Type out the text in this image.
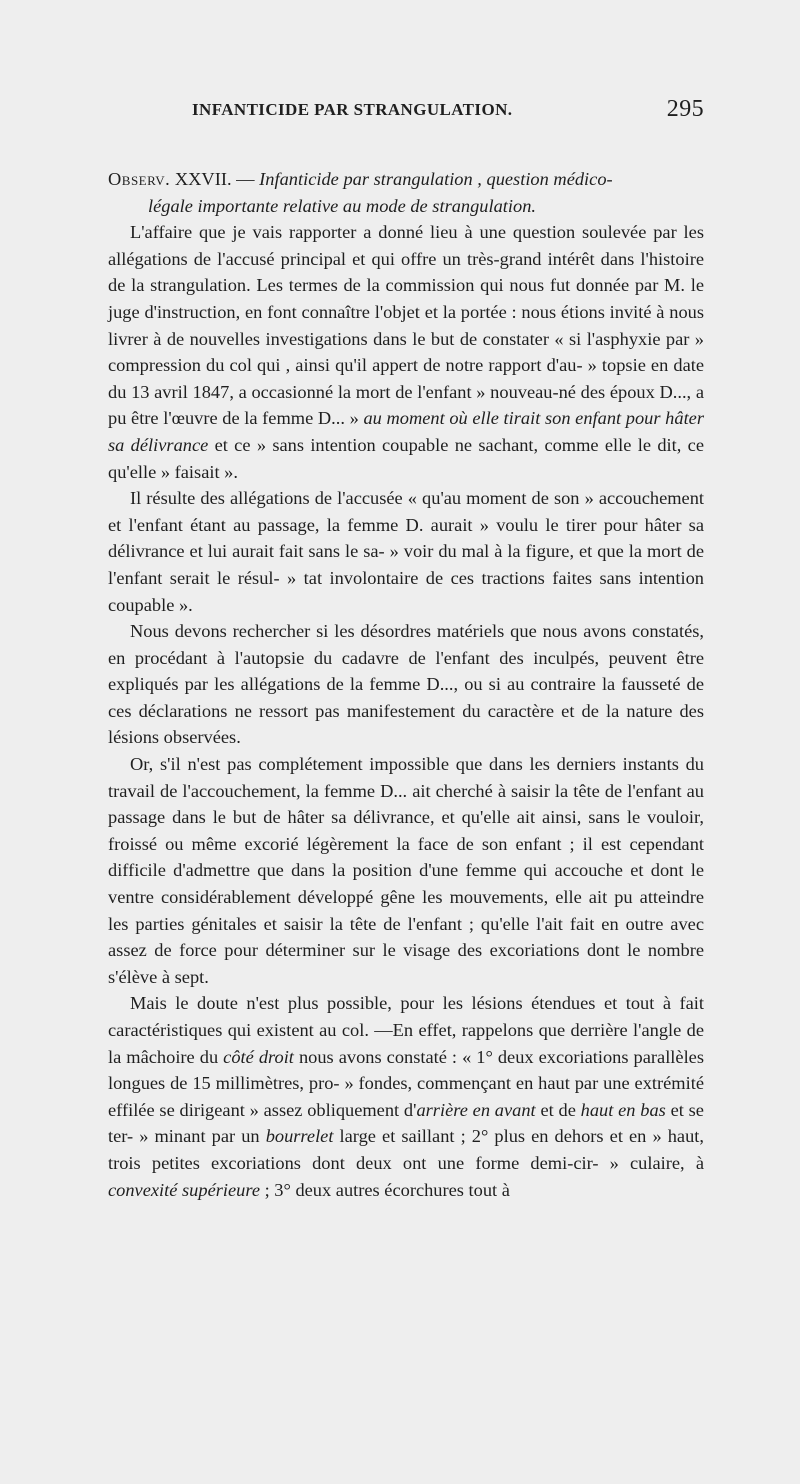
INFANTICIDE PAR STRANGULATION.	295
Observ. XXVII. — Infanticide par strangulation , question médico-
légale importante relative au mode de strangulation.

L'affaire que je vais rapporter a donné lieu à une question soulevée par les allégations de l'accusé principal et qui offre un très-grand intérêt dans l'histoire de la strangulation. Les termes de la commission qui nous fut donnée par M. le juge d'instruction, en font connaître l'objet et la portée : nous étions invité à nous livrer à de nouvelles investigations dans le but de constater « si l'asphyxie par » compression du col qui , ainsi qu'il appert de notre rapport d'au- » topsie en date du 13 avril 1847, a occasionné la mort de l'enfant » nouveau-né des époux D..., a pu être l'œuvre de la femme D... » au moment où elle tirait son enfant pour hâter sa délivrance et ce » sans intention coupable ne sachant, comme elle le dit, ce qu'elle » faisait ».

Il résulte des allégations de l'accusée « qu'au moment de son » accouchement et l'enfant étant au passage, la femme D. aurait » voulu le tirer pour hâter sa délivrance et lui aurait fait sans le sa- » voir du mal à la figure, et que la mort de l'enfant serait le résul- » tat involontaire de ces tractions faites sans intention coupable ».

Nous devons rechercher si les désordres matériels que nous avons constatés, en procédant à l'autopsie du cadavre de l'enfant des inculpés, peuvent être expliqués par les allégations de la femme D..., ou si au contraire la fausseté de ces déclarations ne ressort pas manifestement du caractère et de la nature des lésions observées.

Or, s'il n'est pas complétement impossible que dans les derniers instants du travail de l'accouchement, la femme D... ait cherché à saisir la tête de l'enfant au passage dans le but de hâter sa délivrance, et qu'elle ait ainsi, sans le vouloir, froissé ou même excorié légèrement la face de son enfant ; il est cependant difficile d'admettre que dans la position d'une femme qui accouche et dont le ventre considérablement développé gêne les mouvements, elle ait pu atteindre les parties génitales et saisir la tête de l'enfant ; qu'elle l'ait fait en outre avec assez de force pour déterminer sur le visage des excoriations dont le nombre s'élève à sept.

Mais le doute n'est plus possible, pour les lésions étendues et tout à fait caractéristiques qui existent au col. —En effet, rappelons que derrière l'angle de la mâchoire du côté droit nous avons constaté : « 1° deux excoriations parallèles longues de 15 millimètres, pro- » fondes, commençant en haut par une extrémité effilée se dirigeant » assez obliquement d'arrière en avant et de haut en bas et se ter- » minant par un bourrelet large et saillant ; 2° plus en dehors et en » haut, trois petites excoriations dont deux ont une forme demi-cir- » culaire, à convexité supérieure ; 3° deux autres écorchures tout à
